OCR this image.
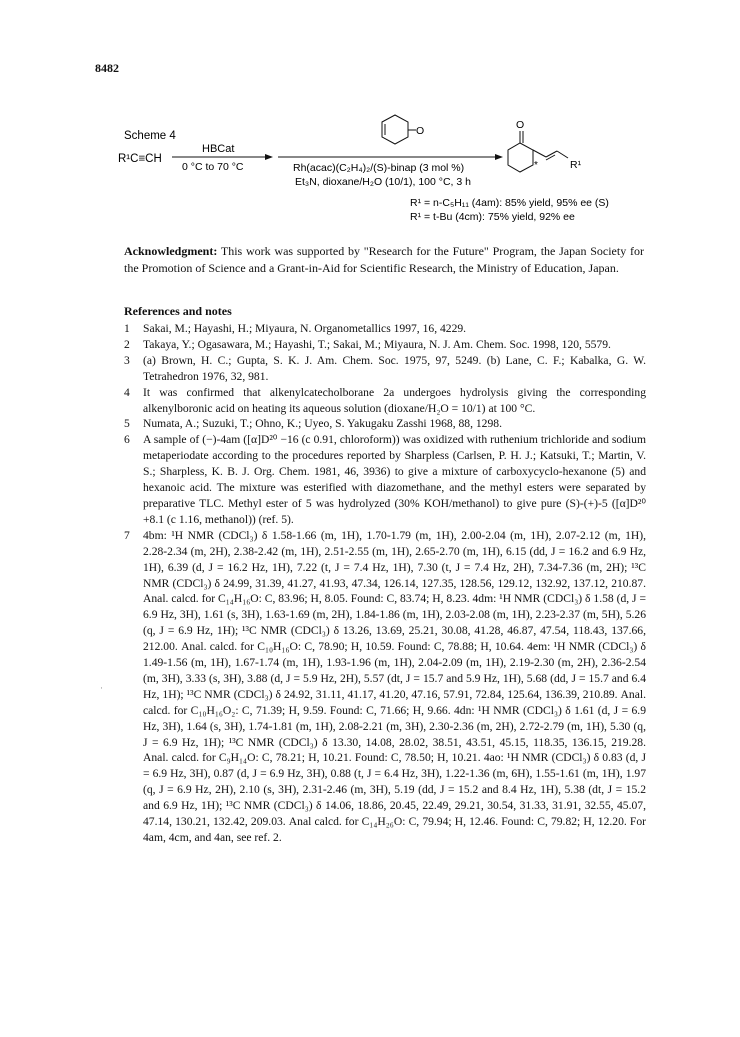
8482
Scheme 4
R¹C≡CH
HBCat
0 °C to 70 °C
O
Rh(acac)(C₂H₄)₂/(S)-binap (3 mol %)
Et₃N, dioxane/H₂O (10/1), 100 °C, 3 h
O
*	R¹
R¹ = n-C₅H₁₁ (4am): 85% yield, 95% ee (S)
R¹ = t-Bu (4cm): 75% yield, 92% ee
Acknowledgment: This work was supported by "Research for the Future" Program, the Japan Society for the Promotion of Science and a Grant-in-Aid for Scientific Research, the Ministry of Education, Japan.
References and notes
1 Sakai, M.; Hayashi, H.; Miyaura, N. Organometallics 1997, 16, 4229.
2 Takaya, Y.; Ogasawara, M.; Hayashi, T.; Sakai, M.; Miyaura, N. J. Am. Chem. Soc. 1998, 120, 5579.
3 (a) Brown, H. C.; Gupta, S. K. J. Am. Chem. Soc. 1975, 97, 5249. (b) Lane, C. F.; Kabalka, G. W. Tetrahedron 1976, 32, 981.
4 It was confirmed that alkenylcatecholborane 2a undergoes hydrolysis giving the corresponding alkenylboronic acid on heating its aqueous solution (dioxane/H₂O = 10/1) at 100 °C.
5 Numata, A.; Suzuki, T.; Ohno, K.; Uyeo, S. Yakugaku Zasshi 1968, 88, 1298.
6 A sample of (−)-4am ([α]D²⁰ −16 (c 0.91, chloroform)) was oxidized with ruthenium trichloride and sodium metaperiodate according to the procedures reported by Sharpless (Carlsen, P. H. J.; Katsuki, T.; Martin, V. S.; Sharpless, K. B. J. Org. Chem. 1981, 46, 3936) to give a mixture of carboxycyclo-hexanone (5) and hexanoic acid. The mixture was esterified with diazomethane, and the methyl esters were separated by preparative TLC. Methyl ester of 5 was hydrolyzed (30% KOH/methanol) to give pure (S)-(+)-5 ([α]D²⁰ +8.1 (c 1.16, methanol)) (ref. 5).
7 4bm: ¹H NMR (CDCl₃) δ 1.58-1.66 (m, 1H), 1.70-1.79 (m, 1H), 2.00-2.04 (m, 1H), 2.07-2.12 (m, 1H), 2.28-2.34 (m, 2H), 2.38-2.42 (m, 1H), 2.51-2.55 (m, 1H), 2.65-2.70 (m, 1H), 6.15 (dd, J = 16.2 and 6.9 Hz, 1H), 6.39 (d, J = 16.2 Hz, 1H), 7.22 (t, J = 7.4 Hz, 1H), 7.30 (t, J = 7.4 Hz, 2H), 7.34-7.36 (m, 2H); ¹³C NMR (CDCl₃) δ 24.99, 31.39, 41.27, 41.93, 47.34, 126.14, 127.35, 128.56, 129.12, 132.92, 137.12, 210.87. Anal. calcd. for C₁₄H₁₆O: C, 83.96; H, 8.05. Found: C, 83.74; H, 8.23. 4dm: ¹H NMR (CDCl₃) δ 1.58 (d, J = 6.9 Hz, 3H), 1.61 (s, 3H), 1.63-1.69 (m, 2H), 1.84-1.86 (m, 1H), 2.03-2.08 (m, 1H), 2.23-2.37 (m, 5H), 5.26 (q, J = 6.9 Hz, 1H); ¹³C NMR (CDCl₃) δ 13.26, 13.69, 25.21, 30.08, 41.28, 46.87, 47.54, 118.43, 137.66, 212.00. Anal. calcd. for C₁₀H₁₆O: C, 78.90; H, 10.59. Found: C, 78.88; H, 10.64. 4em: ¹H NMR (CDCl₃) δ 1.49-1.56 (m, 1H), 1.67-1.74 (m, 1H), 1.93-1.96 (m, 1H), 2.04-2.09 (m, 1H), 2.19-2.30 (m, 2H), 2.36-2.54 (m, 3H), 3.33 (s, 3H), 3.88 (d, J = 5.9 Hz, 2H), 5.57 (dt, J = 15.7 and 5.9 Hz, 1H), 5.68 (dd, J = 15.7 and 6.4 Hz, 1H); ¹³C NMR (CDCl₃) δ 24.92, 31.11, 41.17, 41.20, 47.16, 57.91, 72.84, 125.64, 136.39, 210.89. Anal. calcd. for C₁₀H₁₆O₂: C, 71.39; H, 9.59. Found: C, 71.66; H, 9.66. 4dn: ¹H NMR (CDCl₃) δ 1.61 (d, J = 6.9 Hz, 3H), 1.64 (s, 3H), 1.74-1.81 (m, 1H), 2.08-2.21 (m, 3H), 2.30-2.36 (m, 2H), 2.72-2.79 (m, 1H), 5.30 (q, J = 6.9 Hz, 1H); ¹³C NMR (CDCl₃) δ 13.30, 14.08, 28.02, 38.51, 43.51, 45.15, 118.35, 136.15, 219.28. Anal. calcd. for C₉H₁₄O: C, 78.21; H, 10.21. Found: C, 78.50; H, 10.21. 4ao: ¹H NMR (CDCl₃) δ 0.83 (d, J = 6.9 Hz, 3H), 0.87 (d, J = 6.9 Hz, 3H), 0.88 (t, J = 6.4 Hz, 3H), 1.22-1.36 (m, 6H), 1.55-1.61 (m, 1H), 1.97 (q, J = 6.9 Hz, 2H), 2.10 (s, 3H), 2.31-2.46 (m, 3H), 5.19 (dd, J = 15.2 and 8.4 Hz, 1H), 5.38 (dt, J = 15.2 and 6.9 Hz, 1H); ¹³C NMR (CDCl₃) δ 14.06, 18.86, 20.45, 22.49, 29.21, 30.54, 31.33, 31.91, 32.55, 45.07, 47.14, 130.21, 132.42, 209.03. Anal calcd. for C₁₄H₂₆O: C, 79.94; H, 12.46. Found: C, 79.82; H, 12.20. For 4am, 4cm, and 4an, see ref. 2.
·
